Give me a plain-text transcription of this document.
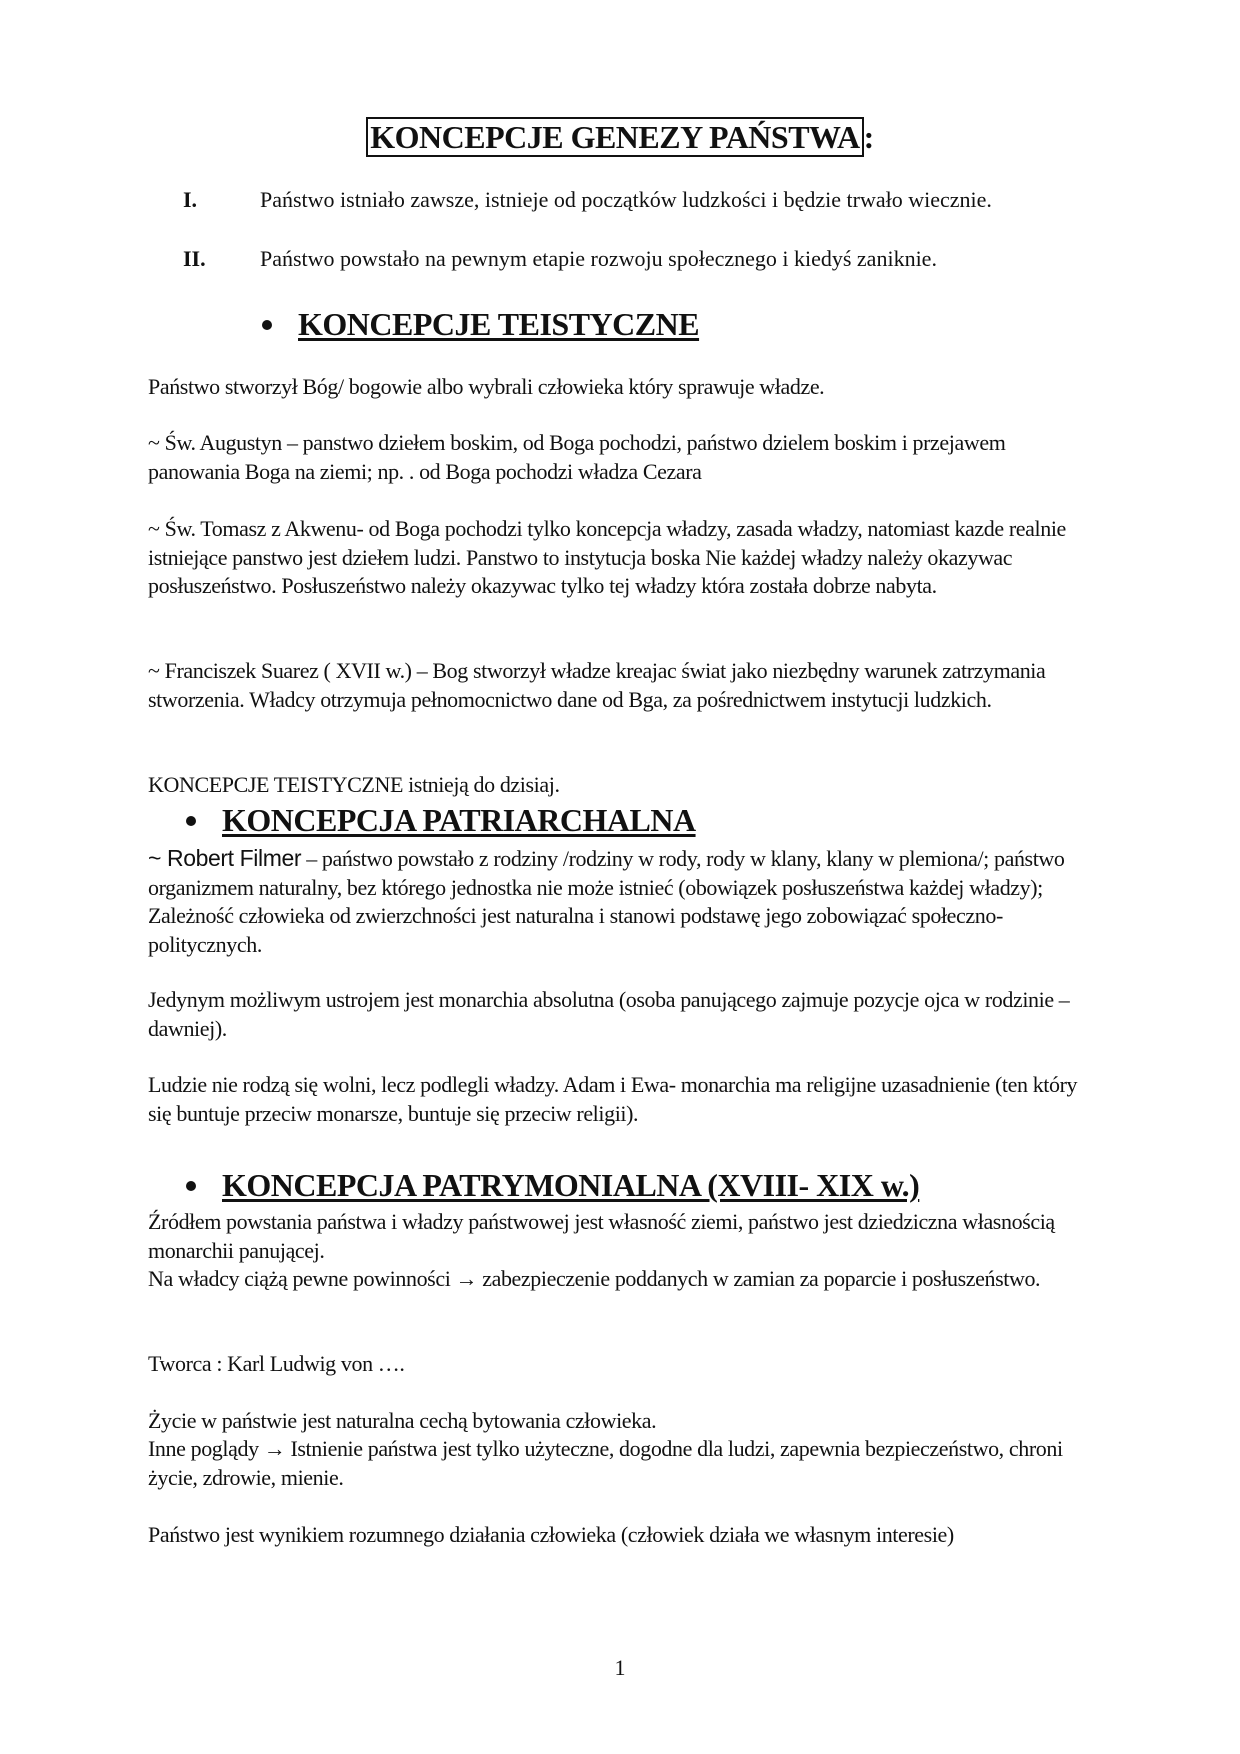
KONCEPCJE GENEZY PAŃSTWA :
I.	Państwo istniało zawsze, istnieje od początków ludzkości i będzie trwało wiecznie.
II. Państwo powstało na pewnym etapie rozwoju społecznego i kiedyś zaniknie.
KONCEPCJE TEISTYCZNE
Państwo stworzył Bóg/ bogowie albo wybrali człowieka który sprawuje władze.
~ Św. Augustyn – panstwo dziełem boskim, od Boga pochodzi, państwo dzielem boskim i przejawem panowania Boga na ziemi; np. . od Boga pochodzi władza Cezara
~ Św. Tomasz z Akwenu- od Boga pochodzi tylko koncepcja władzy, zasada władzy, natomiast kazde realnie istniejące panstwo jest dziełem ludzi. Panstwo to instytucja boska Nie każdej władzy należy okazywac posłuszeństwo. Posłuszeństwo należy okazywac tylko tej władzy która została dobrze nabyta.
~ Franciszek Suarez ( XVII w.) – Bog stworzył władze kreajac świat jako niezbędny warunek zatrzymania stworzenia. Władcy otrzymuja pełnomocnictwo dane od Bga, za pośrednictwem instytucji ludzkich.
KONCEPCJE TEISTYCZNE istnieją do dzisiaj.
KONCEPCJA PATRIARCHALNA
~ Robert Filmer – państwo powstało z rodziny /rodziny w rody, rody w klany, klany w plemiona/; państwo organizmem naturalny, bez którego jednostka nie może istnieć (obowiązek posłuszeństwa każdej władzy); Zależność człowieka od zwierzchności jest naturalna i stanowi podstawę jego zobowiązać społeczno-politycznych.
Jedynym możliwym ustrojem jest monarchia absolutna (osoba panującego zajmuje pozycje ojca w rodzinie – dawniej).
Ludzie nie rodzą się wolni, lecz podlegli władzy. Adam i Ewa- monarchia ma religijne uzasadnienie (ten który się buntuje przeciw monarsze, buntuje się przeciw religii).
KONCEPCJA PATRYMONIALNA (XVIII- XIX w.)
Źródłem powstania państwa i władzy państwowej jest własność ziemi, państwo jest dziedziczna własnością monarchii panującej.
Na władcy ciążą pewne powinności → zabezpieczenie poddanych w zamian za poparcie i posłuszeństwo.
Tworca : Karl Ludwig von ….
Życie w państwie jest naturalna cechą bytowania człowieka.
Inne poglądy → Istnienie państwa jest tylko użyteczne, dogodne dla ludzi, zapewnia bezpieczeństwo, chroni życie, zdrowie, mienie.
Państwo jest wynikiem rozumnego działania człowieka (człowiek działa we własnym interesie)
1
